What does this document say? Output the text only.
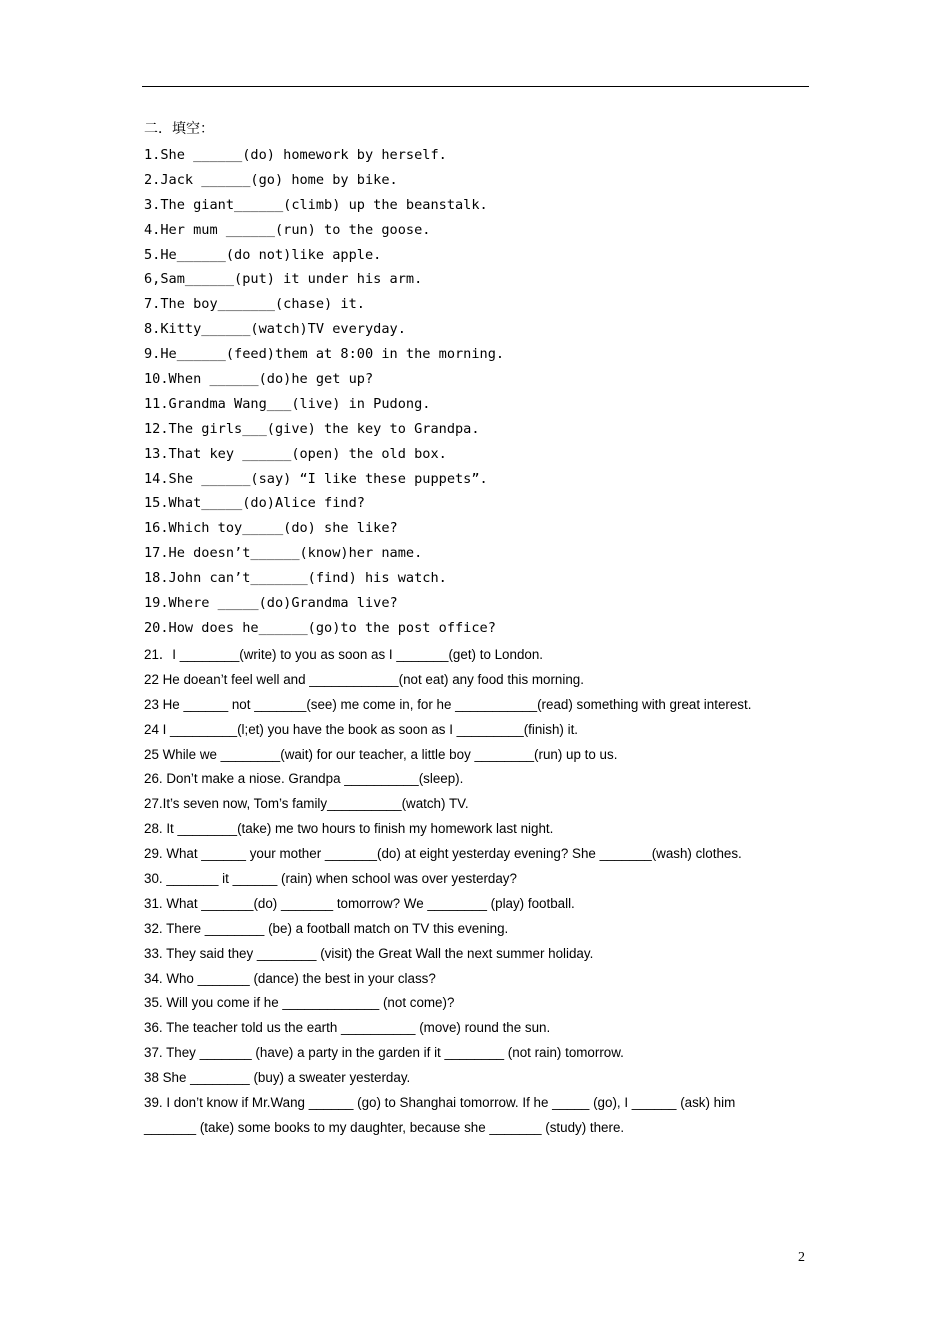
二．填空：
1.She ______(do) homework by herself.
2.Jack ______(go) home by bike.
3.The giant______(climb) up the beanstalk.
4.Her mum ______(run) to the goose.
5.He______(do not)like apple.
6,Sam______(put) it under his arm.
7.The boy_______(chase) it.
8.Kitty______(watch)TV everyday.
9.He______(feed)them at 8:00 in the morning.
10.When ______(do)he get up?
11.Grandma Wang___(live) in Pudong.
12.The girls___(give) the key to Grandpa.
13.That key ______(open) the old box.
14.She ______(say) “I like these puppets”.
15.What_____(do)Alice find?
16.Which toy_____(do) she like?
17.He doesn’t______(know)her name.
18.John can’t_______(find) his watch.
19.Where _____(do)Grandma live?
20.How does he______(go)to the post office?
21．I ________(write) to you as soon as I _______(get) to London.
22 He doean’t feel well and ____________(not eat) any food this morning.
23 He ______ not _______(see) me come in, for he ___________(read) something with great interest.
24 I _________(l;et) you have the book as soon as I _________(finish) it.
25 While we ________(wait) for our teacher, a little boy ________(run) up to us.
26. Don’t make a niose. Grandpa __________(sleep).
27.It’s seven now, Tom’s family__________(watch) TV.
28. It ________(take) me two hours to finish my homework last night.
29. What ______ your mother _______(do) at eight yesterday evening? She _______(wash) clothes.
30. _______ it ______ (rain) when school was over yesterday?
31. What _______(do) _______ tomorrow? We ________ (play) football.
32. There ________ (be) a football match on TV this evening.
33. They said they ________ (visit) the Great Wall the next summer holiday.
34. Who _______ (dance) the best in your class?
35. Will you come if he _____________ (not come)?
36. The teacher told us the earth __________ (move) round the sun.
37. They _______ (have) a party in the garden if it ________ (not rain) tomorrow.
38 She ________ (buy) a sweater yesterday.
39. I don’t know if Mr.Wang ______ (go) to Shanghai tomorrow. If he _____ (go), I ______ (ask) him
_______ (take) some books to my daughter, because she _______ (study) there.
2
